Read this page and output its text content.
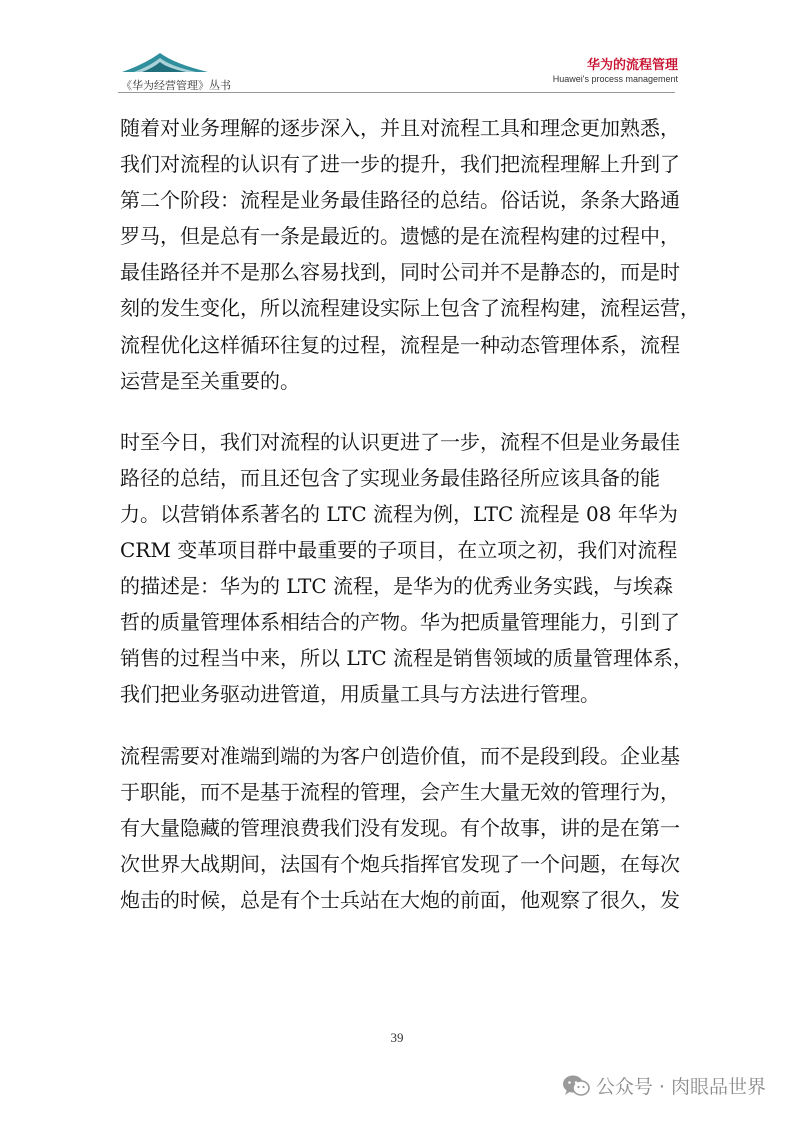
《华为经营管理》丛书
华为的流程管理
Huawei's process management

随着对业务理解的逐步深入，并且对流程工具和理念更加熟悉，
我们对流程的认识有了进一步的提升，我们把流程理解上升到了
第二个阶段：流程是业务最佳路径的总结。俗话说，条条大路通
罗马，但是总有一条是最近的。遗憾的是在流程构建的过程中，
最佳路径并不是那么容易找到，同时公司并不是静态的，而是时
刻的发生变化，所以流程建设实际上包含了流程构建，流程运营，
流程优化这样循环往复的过程，流程是一种动态管理体系，流程
运营是至关重要的。

时至今日，我们对流程的认识更进了一步，流程不但是业务最佳
路径的总结，而且还包含了实现业务最佳路径所应该具备的能
力。以营销体系著名的 LTC 流程为例，LTC 流程是 08 年华为
CRM 变革项目群中最重要的子项目，在立项之初，我们对流程
的描述是：华为的 LTC 流程，是华为的优秀业务实践，与埃森
哲的质量管理体系相结合的产物。华为把质量管理能力，引到了
销售的过程当中来，所以 LTC 流程是销售领域的质量管理体系，
我们把业务驱动进管道，用质量工具与方法进行管理。

流程需要对准端到端的为客户创造价值，而不是段到段。企业基
于职能，而不是基于流程的管理，会产生大量无效的管理行为，
有大量隐藏的管理浪费我们没有发现。有个故事，讲的是在第一
次世界大战期间，法国有个炮兵指挥官发现了一个问题，在每次
炮击的时候，总是有个士兵站在大炮的前面，他观察了很久，发

39
公众号 · 肉眼品世界
